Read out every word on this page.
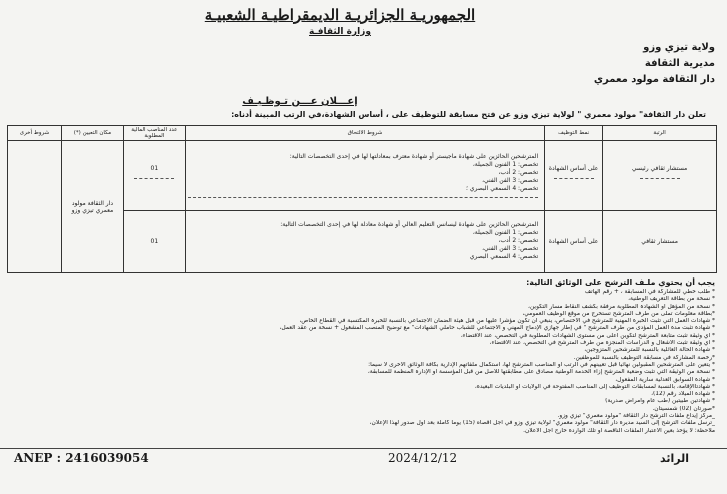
الجمهوريـة الجزائريـة الديمقراطيـة الشعبيـة
وزارة الثقافـة
ولاية تيزي وزو
مديرية الثقافة
دار الثقافة مولود معمري
إعـــلان عـــن تـوظـيـف
تعلن دار الثقافة" مولود معمري " لولاية تيزي وزو عن فتح مسابقة للتوظيف على ، أساس الشهادة،في الرتب المبينة أدناه:
الرتبة	نمط التوظيف	شروط الالتحاق	عدد المناصب المالية المطلوبة	مكان التعيين (*)	شروط أخرى
مستشار ثقافي رئيسي	على أساس الشهادة	المترشحين الحائزين على شهادة ماجيستر أو شهادة معترف بمعادلتها لها في إحدى التخصصات التالية:
تخصص: 1 الفنون الجميلة،
تخصص: 2 أدب،
تخصص: 3 الفن الفني،
تخصص: 4 السمعي البصري ؛	01	دار الثقافة مولود معمري تيزي وزو	
مستشار ثقافي	على أساس الشهادة	المترشحين الحائزين على شهادة ليسانس التعليم العالي أو شهادة معادلة لها في إحدى التخصصات التالية:
تخصص: 1 الفنون الجميلة،
تخصص: 2 أدب،
تخصص: 3 الفن الفني،
تخصص: 4 السمعي البصري	01		
يجب أن يحتوي ملـف الترشح على الوثائق التالية:
* طلب خطي للمشاركة في المسابقة ، + رقم الهاتف
* نسخة من بطاقة التعريف الوطنية،
* نسخة من المؤهل أو الشهادة المطلوبة مرفقة بكشف النقاط مسار التكوين،
*بطاقة معلومات تملى من طرف المترشح تستخرج من موقع الوظيف العمومي،
* شهادات العمل التي تثبت الخبرة المهنية للمترشح في الاختصاص، ينبغي أن تكون مؤشرا عليها من قبل هيئة الضمان الاجتماعي بالنسبة للخبرة المكتسبة في القطاع الخاص،
* شهادة تثبت مدة العمل المؤدى من طرف المترشح " في إطار جهازي الإدماج المهني و الاجتماعي للشباب حاملي الشهادات" مع توضيح المنصب المشغول + نسخة من عقد العمل،
* أي وثيقة تثبت متابعة المترشح لتكوين أعلى من مستوى الشهادات المطلوبة في التخصص، عند الاقتضاء،
* أي وثيقة تثبت الأشغال و الدراسات المنجزة من طرف المترشح في التخصص، عند الاقتضاء،
* شهادة الحالة العائلية بالنسبة للمترشحين المتزوجين،
*رخصة المشاركة في مسابقة التوظيف بالنسبة للموظفين.
* يتعين على المترشحين المقبولين نهائيا قبل تعيينهم في الرتب أو المناصب المترشح لها، استكمال ملفاتهم الإدارية بكافة الوثائق الأخرى لا سيما:
* نسخة من الوثيقة التي تثبت وضعية المترشح إزاء الخدمة الوطنية مصادق على مطابقتها للأصل من قبل المؤسسة أو الإدارة المنظمة للمسابقة،
* شهادة السوابق العدلية سارية المفعول،
* شهادتاالإقامة، بالنسبة لمسابقات التوظيف إلى المناصب المفتوحة في الولايات أو البلديات البعيدة،
* شهادة الميلاد رقم (12)،
* شهادتين طبيتين (طب عام وأمراض صدرية)
*صورتان (02) شمسيتان.
_مركز إيداع ملفات الترشح دار الثقافة "مولود معمري" تيزي وزو.
_ترسل ملفات الترشح إلى السيد مديرة دار الثقافة" مولود معمري" لولاية تيزي وزو في أجل أقصاه (15) يوما كاملة بعد أول صدور لهذا الإعلان،
ملاحظة: لا يؤخذ بعين الاعتبار الملفات الناقصة أو تلك الواردة خارج أجل الاعلان.
ANEP : 2416039054	2024/12/12	الرائد
